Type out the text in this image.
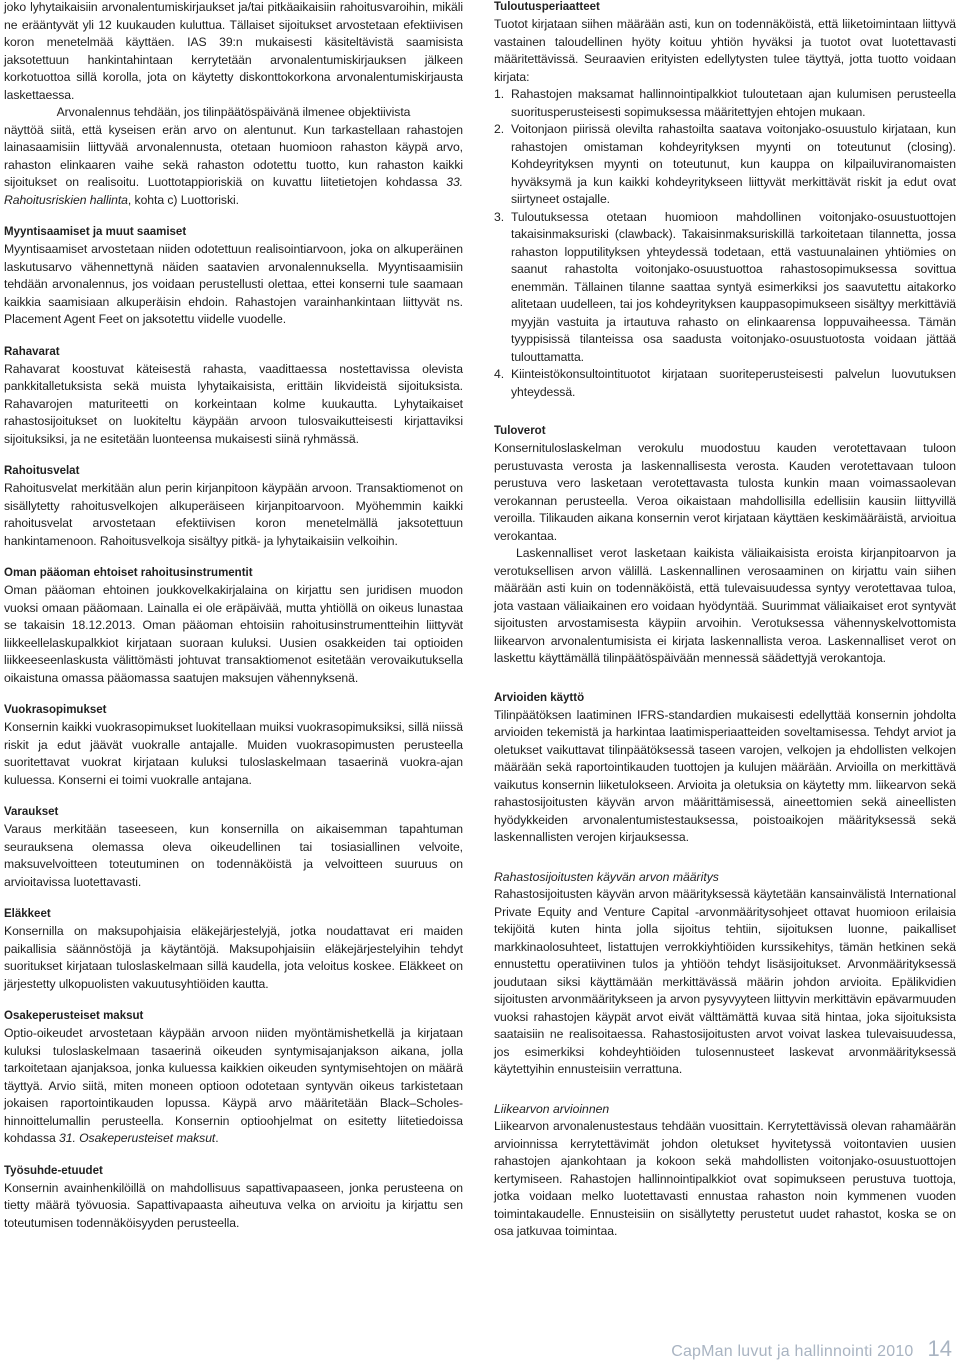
joko lyhytaikaisiin arvonalentumiskirjaukset ja/tai pitkäaikaisiin rahoitusvaroihin, mikäli ne erääntyvät yli 12 kuukauden kuluttua. Tällaiset sijoitukset arvostetaan efektiivisen koron menetelmää käyttäen. IAS 39:n mukaisesti käsiteltävistä saamisista jaksotettuun hankintahintaan kerrytetään arvonalentumiskirjauksen jälkeen korkotuottoa sillä korolla, jota on käytetty diskonttokorkona arvonalentumiskirjausta laskettaessa.

Arvonalennus tehdään, jos tilinpäätöspäivänä ilmenee objektiivista

näyttöä siitä, että kyseisen erän arvo on alentunut. Kun tarkastellaan rahastojen lainasaamisiin liittyvää arvonalennusta, otetaan huomioon rahaston käypä arvo, rahaston elinkaaren vaihe sekä rahaston odotettu tuotto, kun rahaston kaikki sijoitukset on realisoitu. Luottotappioriskiä on kuvattu liitetietojen kohdassa 33. Rahoitusriskien hallinta, kohta c) Luottoriski.

Myyntisaamiset ja muut saamiset

Myyntisaamiset arvostetaan niiden odotettuun realisointiarvoon, joka on alkuperäinen laskutusarvo vähennettynä näiden saatavien arvonalennuksella. Myyntisaamisiin tehdään arvonalennus, jos voidaan perustellusti olettaa, ettei konserni tule saamaan kaikkia saamisiaan alkuperäisin ehdoin. Rahastojen varainhankintaan liittyvät ns. Placement Agent Feet on jaksotettu viidelle vuodelle.

Rahavarat

Rahavarat koostuvat käteisestä rahasta, vaadittaessa nostettavissa olevista pankkitalletuksista sekä muista lyhytaikaisista, erittäin likvideistä sijoituksista. Rahavarojen maturiteetti on korkeintaan kolme kuukautta. Lyhytaikaiset rahastosijoitukset on luokiteltu käypään arvoon tulosvaikutteisesti kirjattaviksi sijoituksiksi, ja ne esitetään luonteensa mukaisesti siinä ryhmässä.

Rahoitusvelat

Rahoitusvelat merkitään alun perin kirjanpitoon käypään arvoon. Transaktiomenot on sisällytetty rahoitusvelkojen alkuperäiseen kirjanpitoarvoon. Myöhemmin kaikki rahoitusvelat arvostetaan efektiivisen koron menetelmällä jaksotettuun hankintamenoon. Rahoitusvelkoja sisältyy pitkä- ja lyhytaikaisiin velkoihin.

Oman pääoman ehtoiset rahoitusinstrumentit

Oman pääoman ehtoinen joukkovelkakirjalaina on kirjattu sen juridisen muodon vuoksi omaan pääomaan. Lainalla ei ole eräpäivää, mutta yhtiöllä on oikeus lunastaa se takaisin 18.12.2013. Oman pääoman ehtoisiin rahoitusinstrumentteihin liittyvät liikkeellelaskupalkkiot kirjataan suoraan kuluksi. Uusien osakkeiden tai optioiden liikkeeseenlaskusta välittömästi johtuvat transaktiomenot esitetään verovaikutuksella oikaistuna omassa pääomassa saatujen maksujen vähennyksenä.

Vuokrasopimukset

Konsernin kaikki vuokrasopimukset luokitellaan muiksi vuokrasopimuksiksi, sillä niissä riskit ja edut jäävät vuokralle antajalle. Muiden vuokrasopimusten perusteella suoritettavat vuokrat kirjataan kuluksi tuloslaskelmaan tasaerinä vuokra-ajan kuluessa. Konserni ei toimi vuokralle antajana.

Varaukset

Varaus merkitään taseeseen, kun konsernilla on aikaisemman tapahtuman seurauksena olemassa oleva oikeudellinen tai tosiasiallinen velvoite, maksuvelvoitteen toteutuminen on todennäköistä ja velvoitteen suuruus on arvioitavissa luotettavasti.

Eläkkeet

Konsernilla on maksupohjaisia eläkejärjestelyjä, jotka noudattavat eri maiden paikallisia säännöstöjä ja käytäntöjä. Maksupohjaisiin eläkejärjestelyihin tehdyt suoritukset kirjataan tuloslaskelmaan sillä kaudella, jota veloitus koskee. Eläkkeet on järjestetty ulkopuolisten vakuutusyhtiöiden kautta.

Osakeperusteiset maksut

Optio-oikeudet arvostetaan käypään arvoon niiden myöntämishetkellä ja kirjataan kuluksi tuloslaskelmaan tasaerinä oikeuden syntymisajanjakson aikana, jolla tarkoitetaan ajanjaksoa, jonka kuluessa kaikkien oikeuden syntymisehtojen on määrä täyttyä. Arvio siitä, miten moneen optioon odotetaan syntyvän oikeus tarkistetaan jokaisen raportointikauden lopussa. Käypä arvo määritetään Black–Scholes-hinnoittelumallin perusteella. Konsernin optioohjelmat on esitetty liitetiedoissa kohdassa 31. Osakeperusteiset maksut.

Työsuhde-etuudet

Konsernin avainhenkilöillä on mahdollisuus sapattivapaaseen, jonka perusteena on tietty määrä työvuosia. Sapattivapaasta aiheutuva velka on arvioitu ja kirjattu sen toteutumisen todennäköisyyden perusteella.

Tuloutusperiaatteet

Tuotot kirjataan siihen määrään asti, kun on todennäköistä, että liiketoimintaan liittyvä vastainen taloudellinen hyöty koituu yhtiön hyväksi ja tuotot ovat luotettavasti määritettävissä. Seuraavien erityisten edellytysten tulee täyttyä, jotta tuotto voidaan kirjata:

1. Rahastojen maksamat hallinnointipalkkiot tuloutetaan ajan kulumisen perusteella suoritusperusteisesti sopimuksessa määritettyjen ehtojen mukaan.
2. Voitonjaon piirissä olevilta rahastoilta saatava voitonjako-osuustulo kirjataan, kun rahastojen omistaman kohdeyrityksen myynti on toteutunut (closing). Kohdeyrityksen myynti on toteutunut, kun kauppa on kilpailuviranomaisten hyväksymä ja kun kaikki kohdeyritykseen liittyvät merkittävät riskit ja edut ovat siirtyneet ostajalle.
3. Tuloutuksessa otetaan huomioon mahdollinen voitonjako-osuustuottojen takaisinmaksuriski (clawback). Takaisinmaksuriskillä tarkoitetaan tilannetta, jossa rahaston lopputilityksen yhteydessä todetaan, että vastuunalainen yhtiömies on saanut rahastolta voitonjako-osuustuottoa rahastosopimuksessa sovittua enemmän. Tällainen tilanne saattaa syntyä esimerkiksi jos saavutettu aitakorko alitetaan uudelleen, tai jos kohdeyrityksen kauppasopimukseen sisältyy merkittäviä myyjän vastuita ja irtautuva rahasto on elinkaarensa loppuvaiheessa. Tämän tyyppisissä tilanteissa osa saadusta voitonjako-osuustuotosta voidaan jättää tulouttamatta.
4. Kiinteistökonsultointituotot kirjataan suoriteperusteisesti palvelun luovutuksen yhteydessä.

Tuloverot

Konsernituloslaskelman verokulu muodostuu kauden verotettavaan tuloon perustuvasta verosta ja laskennallisesta verosta. Kauden verotettavaan tuloon perustuva vero lasketaan verotettavasta tulosta kunkin maan voimassaolevan verokannan perusteella. Veroa oikaistaan mahdollisilla edellisiin kausiin liittyvillä veroilla. Tilikauden aikana konsernin verot kirjataan käyttäen keskimääräistä, arvioitua verokantaa.

Laskennalliset verot lasketaan kaikista väliaikaisista eroista kirjanpitoarvon ja verotuksellisen arvon välillä. Laskennallinen verosaaminen on kirjattu vain siihen määrään asti kuin on todennäköistä, että tulevaisuudessa syntyy verotettavaa tuloa, jota vastaan väliaikainen ero voidaan hyödyntää. Suurimmat väliaikaiset erot syntyvät sijoitusten arvostamisesta käypiin arvoihin. Verotuksessa vähennyskelvottomista liikearvon arvonalentumisista ei kirjata laskennallista veroa. Laskennalliset verot on laskettu käyttämällä tilinpäätöspäivään mennessä säädettyjä verokantoja.

Arvioiden käyttö

Tilinpäätöksen laatiminen IFRS-standardien mukaisesti edellyttää konsernin johdolta arvioiden tekemistä ja harkintaa laatimisperiaatteiden soveltamisessa. Tehdyt arviot ja oletukset vaikuttavat tilinpäätöksessä taseen varojen, velkojen ja ehdollisten velkojen määrään sekä raportointikauden tuottojen ja kulujen määrään. Arvioilla on merkittävä vaikutus konsernin liiketulokseen. Arvioita ja oletuksia on käytetty mm. liikearvon sekä rahastosijoitusten käyvän arvon määrittämisessä, aineettomien sekä aineellisten hyödykkeiden arvonalentumistestauksessa, poistoaikojen määrityksessä sekä laskennallisten verojen kirjauksessa.

Rahastosijoitusten käyvän arvon määritys

Rahastosijoitusten käyvän arvon määrityksessä käytetään kansainvälistä International Private Equity and Venture Capital -arvonmääritysohjeet ottavat huomioon erilaisia tekijöitä kuten hinta jolla sijoitus tehtiin, sijoituksen luonne, paikalliset markkinaolosuhteet, listattujen verrokkiyhtiöiden kurssikehitys, tämän hetkinen sekä ennustettu operatiivinen tulos ja yhtiöön tehdyt lisäsijoitukset. Arvonmäärityksessä joudutaan siksi käyttämään merkittävässä määrin johdon arvioita. Epälikvidien sijoitusten arvonmääritykseen ja arvon pysyvyyteen liittyvin merkittävin epävarmuuden vuoksi rahastojen käypät arvot eivät välttämättä kuvaa sitä hintaa, joka sijoituksista saataisiin ne realisoitaessa. Rahastosijoitusten arvot voivat laskea tulevaisuudessa, jos esimerkiksi kohdeyhtiöiden tulosennusteet laskevat arvonmäärityksessä käytettyihin ennusteisiin verrattuna.

Liikearvon arvioinnen

Liikearvon arvonalenustestaus tehdään vuosittain. Kerrytettävissä olevan rahamäärän arvioinnissa kerrytettävimät johdon oletukset hyvitetyssä voitontavien uusien rahastojen ajankohtaan ja kokoon sekä mahdollisten voitonjako-osuustuottojen kertymiseen. Rahastojen hallinnointipalkkiot ovat sopimukseen perustuva tuottoja, jotka voidaan melko luotettavasti ennustaa rahaston noin kymmenen vuoden toimintakaudelle. Ennusteisiin on sisällytetty perustetut uudet rahastot, koska se on osa jatkuvaa toimintaa.

CapMan luvut ja hallinnointi 2010 14
